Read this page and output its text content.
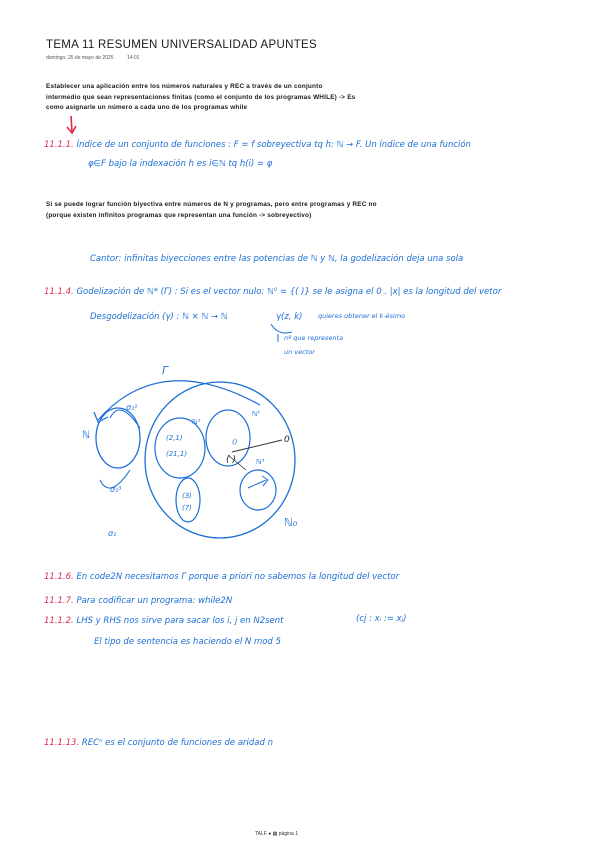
TEMA 11 RESUMEN UNIVERSALIDAD APUNTES
domingo, 25 de mayo de 2025	14:01
Establecer una aplicación entre los números naturales y REC a través de un conjunto
intermedio que sean representaciones finitas (como el conjunto de los programas WHILE) -> Es
como asignarle un número a cada uno de los programas while
11.1.1. Índice de un conjunto de funciones : F = f sobreyectiva tq h: ℕ → F. Un índice de una función
φ∈F bajo la indexación h es i∈ℕ tq h(i) = φ
Si se puede lograr función biyectiva entre números de N y programas, pero entre programas y REC no
(porque existen infinitos programas que representan una función -> sobreyectivo)
Cantor: infinitas biyecciones entre las potencias de ℕ y ℕ, la godelización deja una sola
11.1.4. Godelización de ℕ* (Γ) : Si es el vector nulo: ℕ⁰ = {( )} se le asigna el 0 . |x| es la longitud del vetor
Desgodelización (γ) : ℕ × ℕ → ℕ	γ(z, k) quieres obtener el k-ésimo
nº que representa
un vector
Γ
σ₁²
σ₁³
σ₁
ℕ
ℕ²
ℕᵏ
(2,1)
(21,1)
()
( )
0
(3)
(7)
ℕ³
ℕ₀
11.1.6. En code2N necesitamos Γ porque a priori no sabemos la longitud del vector
11.1.7. Para codificar un programa: while2N
11.1.2. LHS y RHS nos sirve para sacar los i, j en N2sent	(cj : xᵢ := xⱼ)
El tipo de sentencia es haciendo el N mod 5
11.1.13. RECⁿ es el conjunto de funciones de aridad n
TALF ● ▦ página 1
